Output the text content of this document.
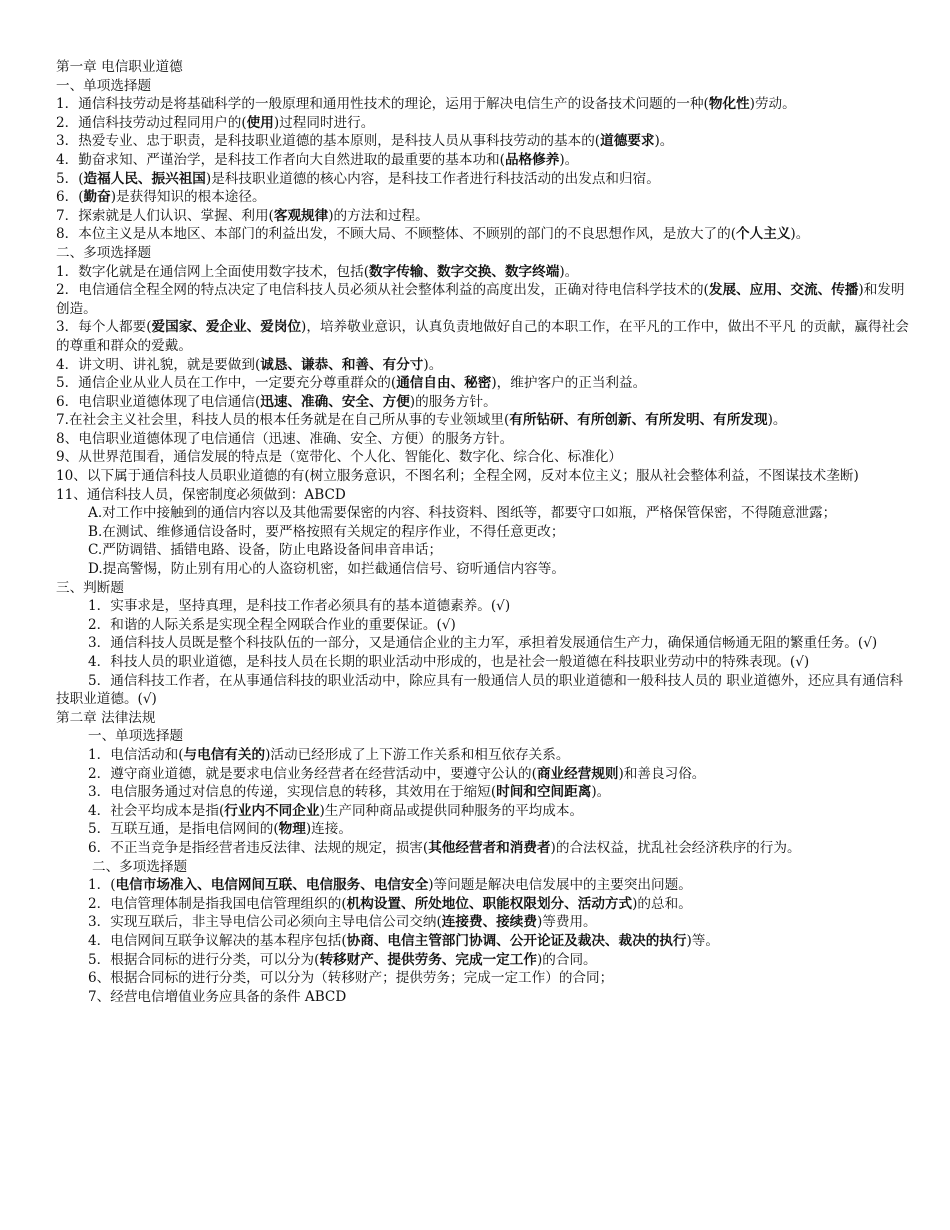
第一章 电信职业道德
一、单项选择题
1．通信科技劳动是将基础科学的一般原理和通用性技术的理论，运用于解决电信生产的设备技术问题的一种(物化性)劳动。
2．通信科技劳动过程同用户的(使用)过程同时进行。
3．热爱专业、忠于职责，是科技职业道德的基本原则，是科技人员从事科技劳动的基本的(道德要求)。
4．勤奋求知、严谨治学，是科技工作者向大自然进取的最重要的基本功和(品格修养)。
5．(造福人民、振兴祖国)是科技职业道德的核心内容，是科技工作者进行科技活动的出发点和归宿。
6．(勤奋)是获得知识的根本途径。
7．探索就是人们认识、掌握、利用(客观规律)的方法和过程。
8．本位主义是从本地区、本部门的利益出发，不顾大局、不顾整体、不顾别的部门的不良思想作风，是放大了的(个人主义)。
二、多项选择题
1．数字化就是在通信网上全面使用数字技术，包括(数字传输、数字交换、数字终端)。
2．电信通信全程全网的特点决定了电信科技人员必须从社会整体利益的高度出发，正确对待电信科学技术的(发展、应用、交流、传播)和发明创造。
3．每个人都要(爱国家、爱企业、爱岗位)，培养敬业意识，认真负责地做好自己的本职工作，在平凡的工作中，做出不平凡 的贡献，赢得社会的尊重和群众的爱戴。
4．讲文明、讲礼貌，就是要做到(诚恳、谦恭、和善、有分寸)。
5．通信企业从业人员在工作中，一定要充分尊重群众的(通信自由、秘密)，维护客户的正当利益。
6．电信职业道德体现了电信通信(迅速、准确、安全、方便)的服务方针。
7.在社会主义社会里，科技人员的根本任务就是在自己所从事的专业领域里(有所钻研、有所创新、有所发明、有所发现)。
8、电信职业道德体现了电信通信（迅速、准确、安全、方便）的服务方针。
9、从世界范围看，通信发展的特点是（宽带化、个人化、智能化、数字化、综合化、标准化）
10、以下属于通信科技人员职业道德的有(树立服务意识，不图名利；全程全网，反对本位主义；服从社会整体利益，不图谋技术垄断)
11、通信科技人员，保密制度必须做到：ABCD
A.对工作中接触到的通信内容以及其他需要保密的内容、科技资料、图纸等，都要守口如瓶，严格保管保密，不得随意泄露；
B.在测试、维修通信设备时，要严格按照有关规定的程序作业，不得任意更改；
C.严防调错、插错电路、设备，防止电路设备间串音串话；
D.提高警惕，防止别有用心的人盗窃机密，如拦截通信信号、窃听通信内容等。
三、判断题
1．实事求是，坚持真理，是科技工作者必须具有的基本道德素养。(√)
2．和谐的人际关系是实现全程全网联合作业的重要保证。(√)
3．通信科技人员既是整个科技队伍的一部分，又是通信企业的主力军，承担着发展通信生产力，确保通信畅通无阻的繁重任务。(√)
4．科技人员的职业道德，是科技人员在长期的职业活动中形成的，也是社会一般道德在科技职业劳动中的特殊表现。(√)
5．通信科技工作者，在从事通信科技的职业活动中，除应具有一般通信人员的职业道德和一般科技人员的 职业道德外，还应具有通信科技职业道德。(√)
第二章 法律法规
一、单项选择题
1．电信活动和(与电信有关的)活动已经形成了上下游工作关系和相互依存关系。
2．遵守商业道德，就是要求电信业务经营者在经营活动中，要遵守公认的(商业经营规则)和善良习俗。
3．电信服务通过对信息的传递，实现信息的转移，其效用在于缩短(时间和空间距离)。
4．社会平均成本是指(行业内不同企业)生产同种商品或提供同种服务的平均成本。
5．互联互通，是指电信网间的(物理)连接。
6．不正当竞争是指经营者违反法律、法规的规定，损害(其他经营者和消费者)的合法权益，扰乱社会经济秩序的行为。
二、多项选择题
1．(电信市场准入、电信网间互联、电信服务、电信安全)等问题是解决电信发展中的主要突出问题。
2．电信管理体制是指我国电信管理组织的(机构设置、所处地位、职能权限划分、活动方式)的总和。
3．实现互联后，非主导电信公司必须向主导电信公司交纳(连接费、接续费)等费用。
4．电信网间互联争议解决的基本程序包括(协商、电信主管部门协调、公开论证及裁决、裁决的执行)等。
5．根据合同标的进行分类，可以分为(转移财产、提供劳务、完成一定工作)的合同。
6、根据合同标的进行分类，可以分为（转移财产；提供劳务；完成一定工作）的合同；
7、经营电信增值业务应具备的条件 ABCD
